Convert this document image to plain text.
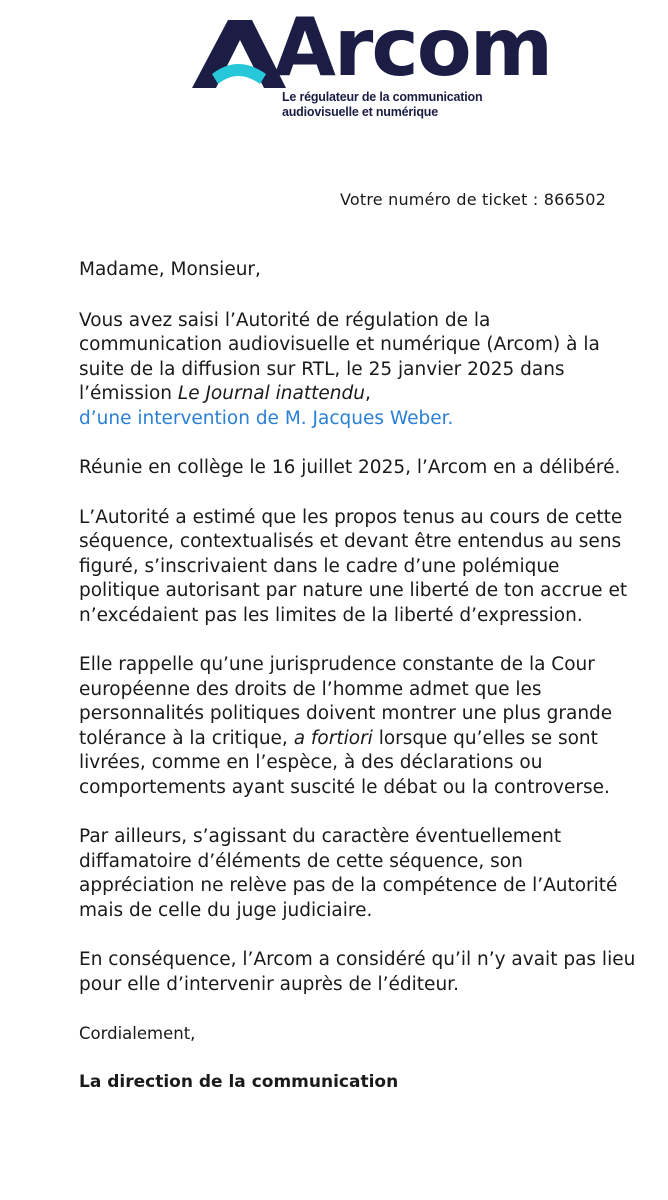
Arcom
Le régulateur de la communication
audiovisuelle et numérique
Votre numéro de ticket : 866502

Madame, Monsieur,

Vous avez saisi l’Autorité de régulation de la communication audiovisuelle et numérique (Arcom) à la suite de la diffusion sur RTL, le 25 janvier 2025 dans l’émission Le Journal inattendu,
d’une intervention de M. Jacques Weber.

Réunie en collège le 16 juillet 2025, l’Arcom en a délibéré.

L’Autorité a estimé que les propos tenus au cours de cette séquence, contextualisés et devant être entendus au sens figuré, s’inscrivaient dans le cadre d’une polémique politique autorisant par nature une liberté de ton accrue et n’excédaient pas les limites de la liberté d’expression.

Elle rappelle qu’une jurisprudence constante de la Cour européenne des droits de l’homme admet que les personnalités politiques doivent montrer une plus grande tolérance à la critique, a fortiori lorsque qu’elles se sont livrées, comme en l’espèce, à des déclarations ou comportements ayant suscité le débat ou la controverse.

Par ailleurs, s’agissant du caractère éventuellement diffamatoire d’éléments de cette séquence, son appréciation ne relève pas de la compétence de l’Autorité mais de celle du juge judiciaire.

En conséquence, l’Arcom a considéré qu’il n’y avait pas lieu pour elle d’intervenir auprès de l’éditeur.

Cordialement,
La direction de la communication
